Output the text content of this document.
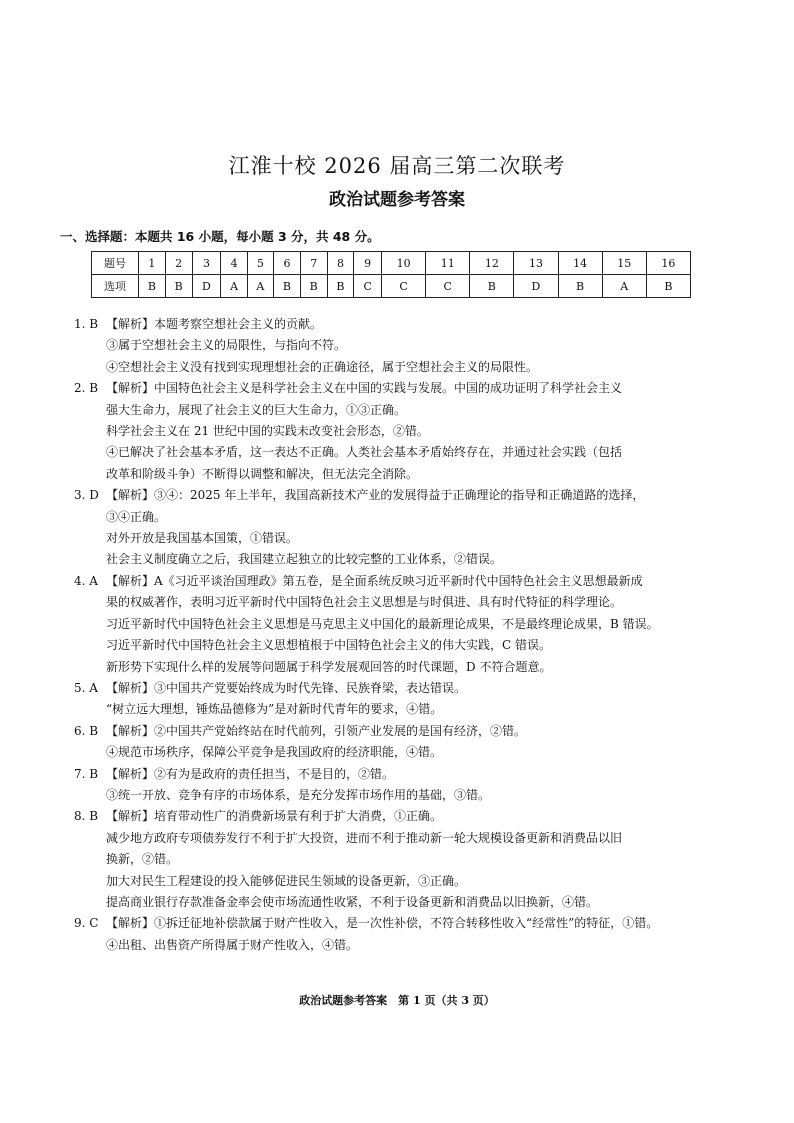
江淮十校 2026 届高三第二次联考
政治试题参考答案
一、选择题：本题共 16 小题，每小题 3 分，共 48 分。
题号	1	2	3	4	5	6	7	8	9	10	11	12	13	14	15	16
选项	B	B	D	A	A	B	B	B	C	C	C	B	D	B	A	B
1. B 【解析】本题考察空想社会主义的贡献。
③属于空想社会主义的局限性，与指向不符。
④空想社会主义没有找到实现理想社会的正确途径，属于空想社会主义的局限性。
2. B 【解析】中国特色社会主义是科学社会主义在中国的实践与发展。中国的成功证明了科学社会主义
强大生命力，展现了社会主义的巨大生命力，①③正确。
科学社会主义在 21 世纪中国的实践未改变社会形态，②错。
④已解决了社会基本矛盾，这一表达不正确。人类社会基本矛盾始终存在，并通过社会实践（包括
改革和阶级斗争）不断得以调整和解决，但无法完全消除。
3. D 【解析】③④：2025 年上半年，我国高新技术产业的发展得益于正确理论的指导和正确道路的选择，
③④正确。
对外开放是我国基本国策，①错误。
社会主义制度确立之后，我国建立起独立的比较完整的工业体系，②错误。
4. A 【解析】A《习近平谈治国理政》第五卷，是全面系统反映习近平新时代中国特色社会主义思想最新成
果的权威著作，表明习近平新时代中国特色社会主义思想是与时俱进、具有时代特征的科学理论。
习近平新时代中国特色社会主义思想是马克思主义中国化的最新理论成果，不是最终理论成果，B 错误。
习近平新时代中国特色社会主义思想植根于中国特色社会主义的伟大实践，C 错误。
新形势下实现什么样的发展等问题属于科学发展观回答的时代课题，D 不符合题意。
5. A 【解析】③中国共产党要始终成为时代先锋、民族脊梁，表达错误。
“树立远大理想，锤炼品德修为”是对新时代青年的要求，④错。
6. B 【解析】②中国共产党始终站在时代前列，引领产业发展的是国有经济，②错。
④规范市场秩序，保障公平竞争是我国政府的经济职能，④错。
7. B 【解析】②有为是政府的责任担当，不是目的，②错。
③统一开放、竞争有序的市场体系，是充分发挥市场作用的基础，③错。
8. B 【解析】培育带动性广的消费新场景有利于扩大消费，①正确。
减少地方政府专项债券发行不利于扩大投资，进而不利于推动新一轮大规模设备更新和消费品以旧
换新，②错。
加大对民生工程建设的投入能够促进民生领域的设备更新，③正确。
提高商业银行存款准备金率会使市场流通性收紧，不利于设备更新和消费品以旧换新，④错。
9. C 【解析】①拆迁征地补偿款属于财产性收入，是一次性补偿，不符合转移性收入“经常性”的特征，①错。
④出租、出售资产所得属于财产性收入，④错。
政治试题参考答案　第 1 页（共 3 页）
